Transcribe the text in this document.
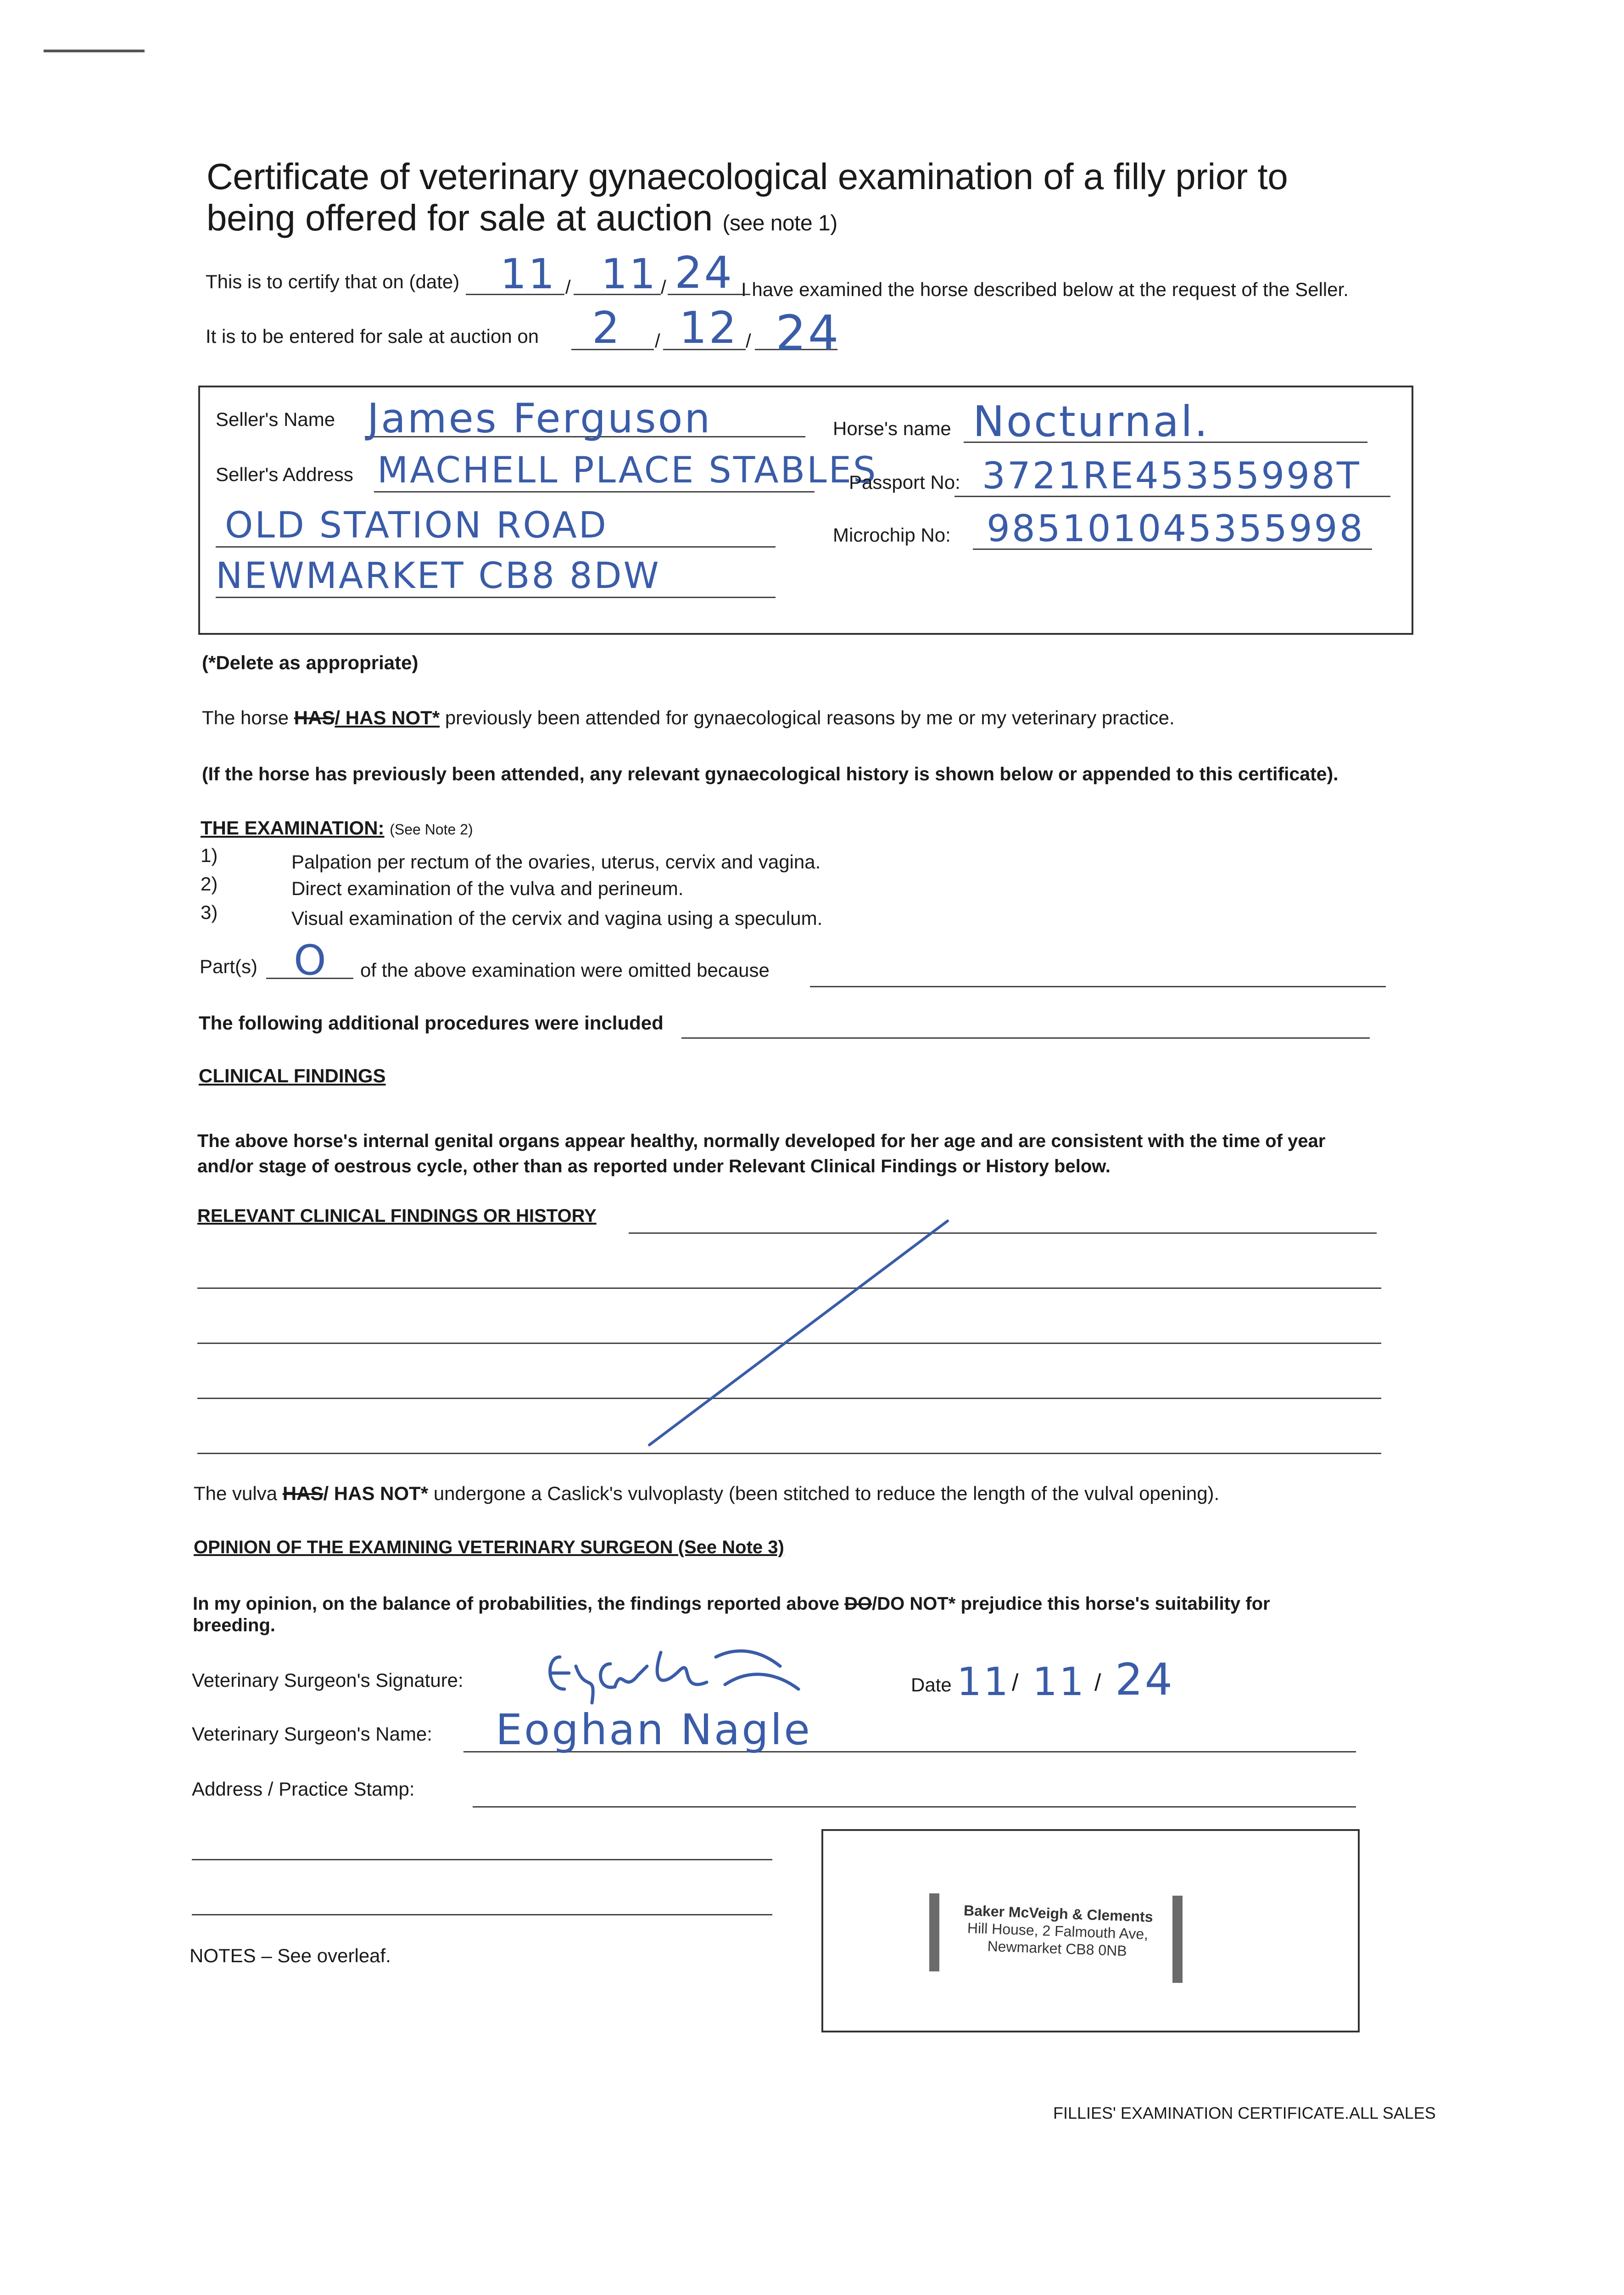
Certificate of veterinary gynaecological examination of a filly prior to
being offered for sale at auction (see note 1)
This is to certify that on (date)	/	/
11 11 24 I have examined the horse described below at the request of the Seller.
It is to be entered for sale at auction on	/	/
2 12 24
Seller's Name James Ferguson	Horse's name Nocturnal.
Seller's Address MACHELL PLACE STABLES
Passport No: 3721RE45355998T
OLD STATION ROAD	Microchip No: 985101045355998
NEWMARKET CB8 8DW
(*Delete as appropriate)
The horse HAS/ HAS NOT* previously been attended for gynaecological reasons by me or my veterinary practice.
(If the horse has previously been attended, any relevant gynaecological history is shown below or appended to this certificate).
THE EXAMINATION: (See Note 2)
1)	Palpation per rectum of the ovaries, uterus, cervix and vagina.
2)	Direct examination of the vulva and perineum.
3)	Visual examination of the cervix and vagina using a speculum.
Part(s) O of the above examination were omitted because
The following additional procedures were included
CLINICAL FINDINGS
The above horse's internal genital organs appear healthy, normally developed for her age and are consistent with the time of year
and/or stage of oestrous cycle, other than as reported under Relevant Clinical Findings or History below.
RELEVANT CLINICAL FINDINGS OR HISTORY
The vulva HAS/ HAS NOT* undergone a Caslick's vulvoplasty (been stitched to reduce the length of the vulval opening).
OPINION OF THE EXAMINING VETERINARY SURGEON (See Note 3)
In my opinion, on the balance of probabilities, the findings reported above DO/DO NOT* prejudice this horse's suitability for
breeding.
Veterinary Surgeon's Signature:	Date 11 / 11 / 24
Veterinary Surgeon's Name: Eoghan Nagle
Address / Practice Stamp:
Baker McVeigh & Clements
Hill House, 2 Falmouth Ave,
Newmarket CB8 0NB
NOTES – See overleaf.
FILLIES' EXAMINATION CERTIFICATE.ALL SALES
